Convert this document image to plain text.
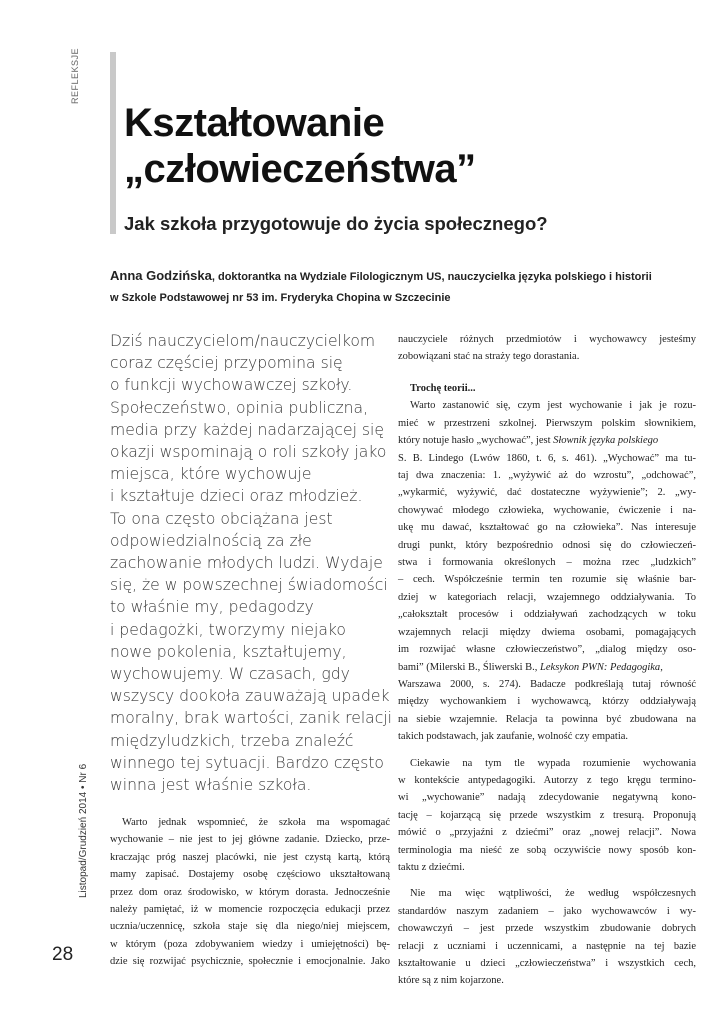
REFLEKSJE
Kształtowanie
„człowieczeństwa”
Jak szkoła przygotowuje do życia społecznego?
Anna Godzińska, doktorantka na Wydziale Filologicznym US, nauczycielka języka polskiego i historii
w Szkole Podstawowej nr 53 im. Fryderyka Chopina w Szczecinie
Dziś nauczycielom/nauczycielkom
coraz częściej przypomina się
o funkcji wychowawczej szkoły.
Społeczeństwo, opinia publiczna,
media przy każdej nadarzającej się
okazji wspominają o roli szkoły jako
miejsca, które wychowuje
i kształtuje dzieci oraz młodzież.
To ona często obciążana jest
odpowiedzialnością za złe
zachowanie młodych ludzi. Wydaje
się, że w powszechnej świadomości
to właśnie my, pedagodzy
i pedagożki, tworzymy niejako
nowe pokolenia, kształtujemy,
wychowujemy. W czasach, gdy
wszyscy dookoła zauważają upadek
moralny, brak wartości, zanik relacji
międzyludzkich, trzeba znaleźć
winnego tej sytuacji. Bardzo często
winna jest właśnie szkoła.
Warto jednak wspomnieć, że szkoła ma wspomagać
wychowanie – nie jest to jej główne zadanie. Dziecko, prze-
kraczając próg naszej placówki, nie jest czystą kartą, którą
mamy zapisać. Dostajemy osobę częściowo ukształtowaną
przez dom oraz środowisko, w którym dorasta. Jednocześnie
należy pamiętać, iż w momencie rozpoczęcia edukacji przez
ucznia/uczennicę, szkoła staje się dla niego/niej miejscem,
w którym (poza zdobywaniem wiedzy i umiejętności) bę-
dzie się rozwijać psychicznie, społecznie i emocjonalnie. Jako
nauczyciele różnych przedmiotów i wychowawcy jesteśmy
zobowiązani stać na straży tego dorastania.
Trochę teorii...
Warto zastanowić się, czym jest wychowanie i jak je rozu-
mieć w przestrzeni szkolnej. Pierwszym polskim słownikiem,
który notuje hasło „wychować”, jest Słownik języka polskiego
S. B. Lindego (Lwów 1860, t. 6, s. 461). „Wychować” ma tu-
taj dwa znaczenia: 1. „wyżywić aż do wzrostu”, „odchować”,
„wykarmić, wyżywić, dać dostateczne wyżywienie”; 2. „wy-
chowywać młodego człowieka, wychowanie, ćwiczenie i na-
ukę mu dawać, kształtować go na człowieka”. Nas interesuje
drugi punkt, który bezpośrednio odnosi się do człowieczeń-
stwa i formowania określonych – można rzec „ludzkich”
– cech. Współcześnie termin ten rozumie się właśnie bar-
dziej w kategoriach relacji, wzajemnego oddziaływania. To
„całokształt procesów i oddziaływań zachodzących w toku
wzajemnych relacji między dwiema osobami, pomagających
im rozwijać własne człowieczeństwo”, „dialog między oso-
bami” (Milerski B., Śliwerski B., Leksykon PWN: Pedagogika,
Warszawa 2000, s. 274). Badacze podkreślają tutaj równość
między wychowankiem i wychowawcą, którzy oddziaływają
na siebie wzajemnie. Relacja ta powinna być zbudowana na
takich podstawach, jak zaufanie, wolność czy empatia.
Ciekawie na tym tle wypada rozumienie wychowania
w kontekście antypedagogiki. Autorzy z tego kręgu termino-
wi „wychowanie” nadają zdecydowanie negatywną kono-
tację – kojarzącą się przede wszystkim z tresurą. Proponują
mówić o „przyjaźni z dziećmi” oraz „nowej relacji”. Nowa
terminologia ma nieść ze sobą oczywiście nowy sposób kon-
taktu z dziećmi.
Nie ma więc wątpliwości, że według współczesnych
standardów naszym zadaniem – jako wychowawców i wy-
chowawczyń – jest przede wszystkim zbudowanie dobrych
relacji z uczniami i uczennicami, a następnie na tej bazie
kształtowanie u dzieci „człowieczeństwa” i wszystkich cech,
które są z nim kojarzone.
Listopad/Grudzień 2014 • Nr 6
28
